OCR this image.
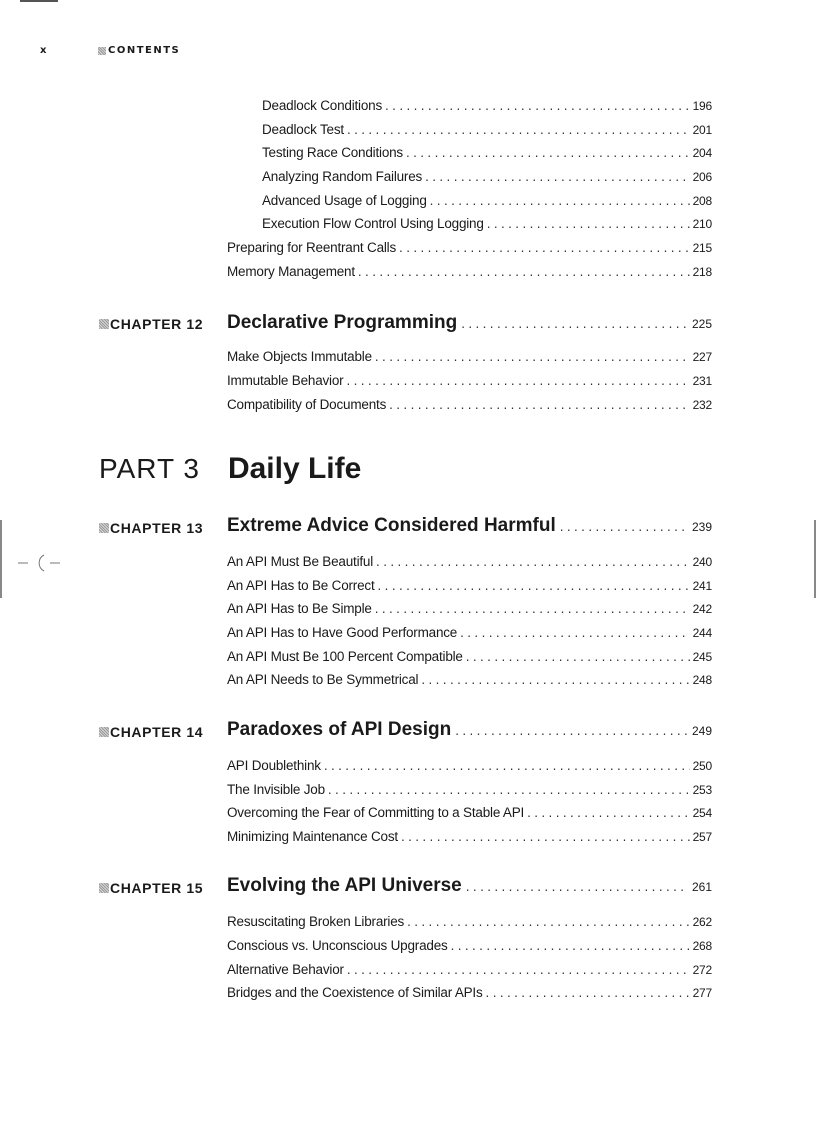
x	CONTENTS
Deadlock Conditions .....	196
Deadlock Test .....	201
Testing Race Conditions .....	204
Analyzing Random Failures .....	206
Advanced Usage of Logging .....	208
Execution Flow Control Using Logging .....	210
Preparing for Reentrant Calls .....	215
Memory Management .....	218
CHAPTER 12 Declarative Programming .....	225
Make Objects Immutable .....	227
Immutable Behavior .....	231
Compatibility of Documents .....	232
PART 3 Daily Life
CHAPTER 13 Extreme Advice Considered Harmful .....	239
An API Must Be Beautiful .....	240
An API Has to Be Correct .....	241
An API Has to Be Simple .....	242
An API Has to Have Good Performance .....	244
An API Must Be 100 Percent Compatible .....	245
An API Needs to Be Symmetrical .....	248
CHAPTER 14 Paradoxes of API Design .....	249
API Doublethink .....	250
The Invisible Job .....	253
Overcoming the Fear of Committing to a Stable API .....	254
Minimizing Maintenance Cost .....	257
CHAPTER 15 Evolving the API Universe .....	261
Resuscitating Broken Libraries .....	262
Conscious vs. Unconscious Upgrades .....	268
Alternative Behavior .....	272
Bridges and the Coexistence of Similar APIs .....	277
